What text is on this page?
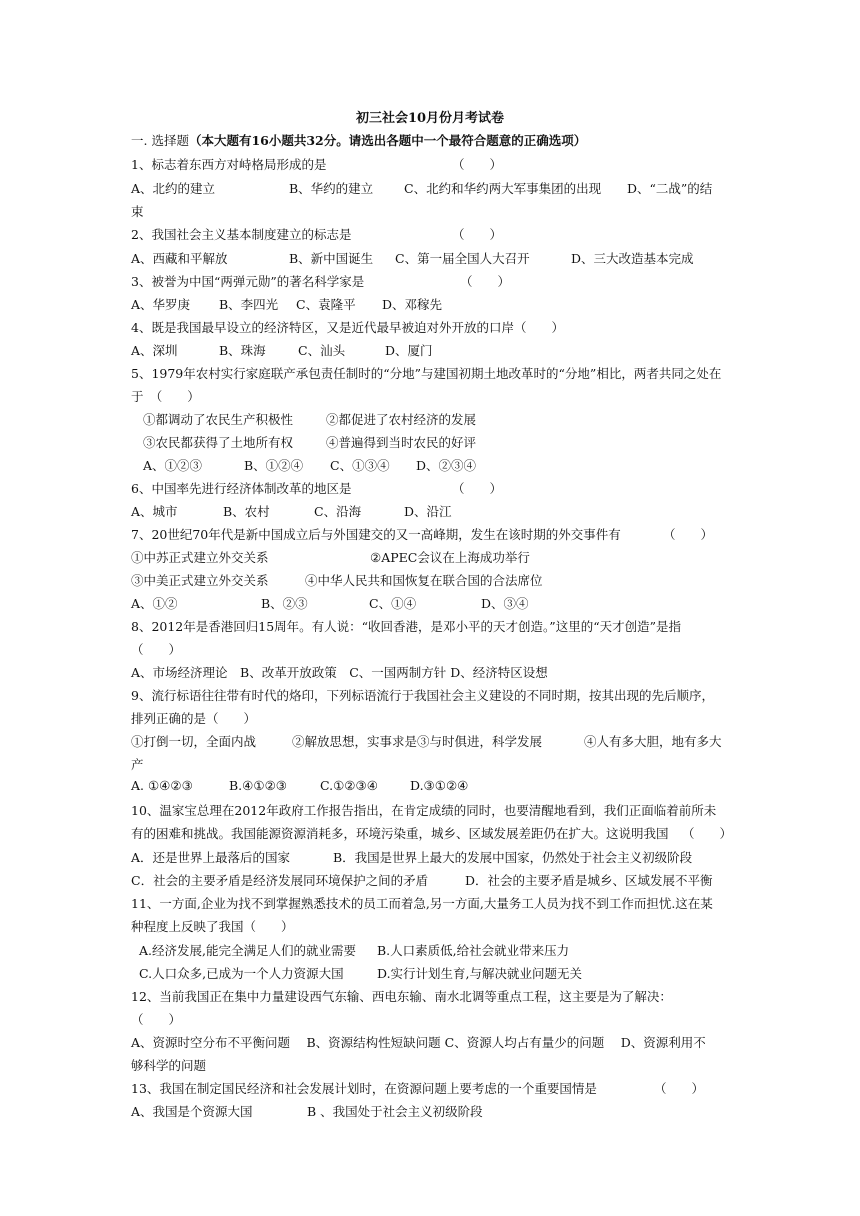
初三社会10月份月考试卷
一. 选择题（本大题有16小题共32分。请选出各题中一个最符合题意的正确选项）
1、标志着东西方对峙格局形成的是	（　　）
A、北约的建立	B、华约的建立 C、北约和华约两大军事集团的出现 D、“二战”的结
束
2、我国社会主义基本制度建立的标志是	（　　）
A、西藏和平解放	B、新中国诞生 C、第一届全国人大召开	D、三大改造基本完成
3、被誉为中国“两弹元勋”的著名科学家是	（　　）
A、华罗庚 B、李四光 C、袁隆平 D、邓稼先
4、既是我国最早设立的经济特区，又是近代最早被迫对外开放的口岸（　　）
A、深圳	B、珠海	C、汕头	D、厦门
5、1979年农村实行家庭联产承包责任制时的“分地”与建国初期土地改革时的“分地”相比，两者共同之处在
于　（　　）
①都调动了农民生产积极性	②都促进了农村经济的发展
③农民都获得了土地所有权	④普遍得到当时农民的好评
A、①②③	B、①②④ C、①③④ D、②③④
6、中国率先进行经济体制改革的地区是	（　　）
A、城市	B、农村	C、沿海	D、沿江
7、20世纪70年代是新中国成立后与外国建交的又一高峰期，发生在该时期的外交事件有	（　　）
①中苏正式建立外交关系	②APEC会议在上海成功举行
③中美正式建立外交关系	④中华人民共和国恢复在联合国的合法席位
A、①②	B、②③	C、①④	D、③④
8、2012年是香港回归15周年。有人说：“收回香港，是邓小平的天才创造。”这里的“天才创造”是指
（　　）
A、市场经济理论　B、改革开放政策　C、一国两制方针 D、经济特区设想
9、流行标语往往带有时代的烙印，下列标语流行于我国社会主义建设的不同时期，按其出现的先后顺序，
排列正确的是（　　）
①打倒一切，全面内战	②解放思想，实事求是③与时俱进，科学发展	④人有多大胆，地有多大
产
A. ①④②③	B.④①②③	C.①②③④	D.③①②④
10、温家宝总理在2012年政府工作报告指出，在肯定成绩的同时，也要清醒地看到，我们正面临着前所未
有的困难和挑战。我国能源资源消耗多，环境污染重，城乡、区域发展差距仍在扩大。这说明我国 （　　）
A．还是世界上最落后的国家	B．我国是世界上最大的发展中国家，仍然处于社会主义初级阶段
C．社会的主要矛盾是经济发展同环境保护之间的矛盾	D．社会的主要矛盾是城乡、区域发展不平衡
11、一方面,企业为找不到掌握熟悉技术的员工而着急,另一方面,大量务工人员为找不到工作而担忧.这在某
种程度上反映了我国（　　）
A.经济发展,能完全满足人们的就业需要 B.人口素质低,给社会就业带来压力
C.人口众多,已成为一个人力资源大国	D.实行计划生育,与解决就业问题无关
12、当前我国正在集中力量建设西气东输、西电东输、南水北调等重点工程，这主要是为了解决：
（　　）
A、资源时空分布不平衡问题　 B、资源结构性短缺问题 C、资源人均占有量少的问题　 D、资源利用不
够科学的问题
13、我国在制定国民经济和社会发展计划时，在资源问题上要考虑的一个重要国情是	（　　）
A、我国是个资源大国	B 、我国处于社会主义初级阶段
